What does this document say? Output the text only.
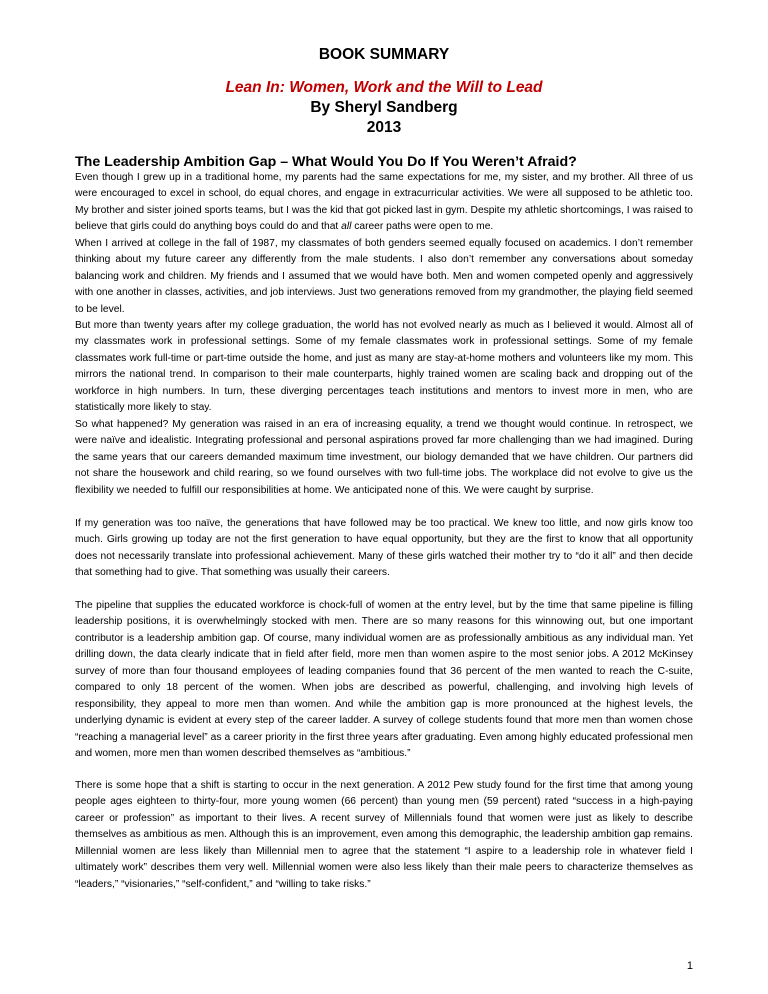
BOOK SUMMARY
Lean In: Women, Work and the Will to Lead
By Sheryl Sandberg
2013
The Leadership Ambition Gap – What Would You Do If You Weren’t Afraid?

Even though I grew up in a traditional home, my parents had the same expectations for me, my sister, and my brother. All three of us were encouraged to excel in school, do equal chores, and engage in extracurricular activities. We were all supposed to be athletic too. My brother and sister joined sports teams, but I was the kid that got picked last in gym. Despite my athletic shortcomings, I was raised to believe that girls could do anything boys could do and that all career paths were open to me.

When I arrived at college in the fall of 1987, my classmates of both genders seemed equally focused on academics. I don’t remember thinking about my future career any differently from the male students. I also don’t remember any conversations about someday balancing work and children. My friends and I assumed that we would have both. Men and women competed openly and aggressively with one another in classes, activities, and job interviews. Just two generations removed from my grandmother, the playing field seemed to be level.

But more than twenty years after my college graduation, the world has not evolved nearly as much as I believed it would. Almost all of my classmates work in professional settings. Some of my female classmates work in professional settings. Some of my female classmates work full-time or part-time outside the home, and just as many are stay-at-home mothers and volunteers like my mom. This mirrors the national trend. In comparison to their male counterparts, highly trained women are scaling back and dropping out of the workforce in high numbers. In turn, these diverging percentages teach institutions and mentors to invest more in men, who are statistically more likely to stay.

So what happened? My generation was raised in an era of increasing equality, a trend we thought would continue. In retrospect, we were naïve and idealistic. Integrating professional and personal aspirations proved far more challenging than we had imagined. During the same years that our careers demanded maximum time investment, our biology demanded that we have children. Our partners did not share the housework and child rearing, so we found ourselves with two full-time jobs. The workplace did not evolve to give us the flexibility we needed to fulfill our responsibilities at home. We anticipated none of this. We were caught by surprise.

If my generation was too naïve, the generations that have followed may be too practical. We knew too little, and now girls know too much. Girls growing up today are not the first generation to have equal opportunity, but they are the first to know that all opportunity does not necessarily translate into professional achievement. Many of these girls watched their mother try to “do it all” and then decide that something had to give. That something was usually their careers.

The pipeline that supplies the educated workforce is chock-full of women at the entry level, but by the time that same pipeline is filling leadership positions, it is overwhelmingly stocked with men. There are so many reasons for this winnowing out, but one important contributor is a leadership ambition gap. Of course, many individual women are as professionally ambitious as any individual man. Yet drilling down, the data clearly indicate that in field after field, more men than women aspire to the most senior jobs. A 2012 McKinsey survey of more than four thousand employees of leading companies found that 36 percent of the men wanted to reach the C-suite, compared to only 18 percent of the women. When jobs are described as powerful, challenging, and involving high levels of responsibility, they appeal to more men than women. And while the ambition gap is more pronounced at the highest levels, the underlying dynamic is evident at every step of the career ladder. A survey of college students found that more men than women chose “reaching a managerial level” as a career priority in the first three years after graduating. Even among highly educated professional men and women, more men than women described themselves as “ambitious.”

There is some hope that a shift is starting to occur in the next generation. A 2012 Pew study found for the first time that among young people ages eighteen to thirty-four, more young women (66 percent) than young men (59 percent) rated “success in a high-paying career or profession” as important to their lives. A recent survey of Millennials found that women were just as likely to describe themselves as ambitious as men. Although this is an improvement, even among this demographic, the leadership ambition gap remains. Millennial women are less likely than Millennial men to agree that the statement “I aspire to a leadership role in whatever field I ultimately work” describes them very well. Millennial women were also less likely than their male peers to characterize themselves as “leaders,” “visionaries,” “self-confident,” and “willing to take risks.”

1
